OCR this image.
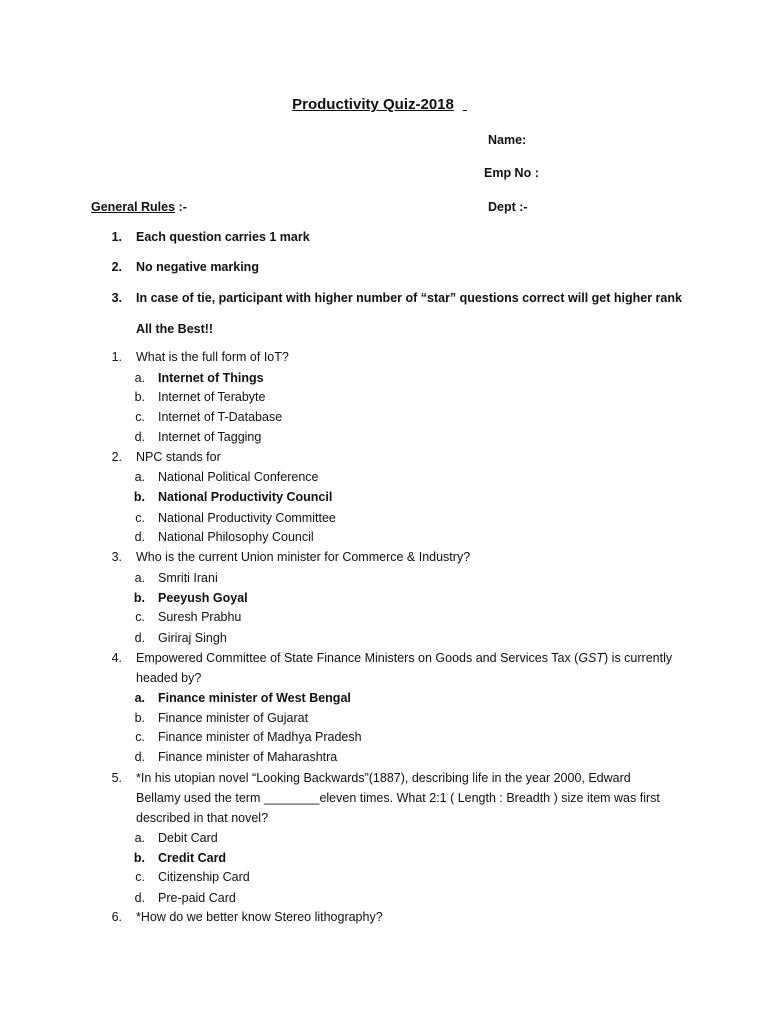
Productivity Quiz-2018
Name:
Emp No :
Dept :-
General Rules :-
1. Each question carries 1 mark
2. No negative marking
3. In case of tie, participant with higher number of “star” questions correct will get higher rank
All the Best!!
1. What is the full form of IoT?
a. Internet of Things
b. Internet of Terabyte
c. Internet of T-Database
d. Internet of Tagging
2. NPC stands for
a. National Political Conference
b. National Productivity Council
c. National Productivity Committee
d. National Philosophy Council
3. Who is the current Union minister for Commerce & Industry?
a. Smriti Irani
b. Peeyush Goyal
c. Suresh Prabhu
d. Giriraj Singh
4. Empowered Committee of State Finance Ministers on Goods and Services Tax (GST) is currently
headed by?
a. Finance minister of West Bengal
b. Finance minister of Gujarat
c. Finance minister of Madhya Pradesh
d. Finance minister of Maharashtra
5. *In his utopian novel “Looking Backwards”(1887), describing life in the year 2000, Edward
Bellamy used the term ________eleven times. What 2:1 ( Length : Breadth ) size item was first
described in that novel?
a. Debit Card
b. Credit Card
c. Citizenship Card
d. Pre-paid Card
6. *How do we better know Stereo lithography?
